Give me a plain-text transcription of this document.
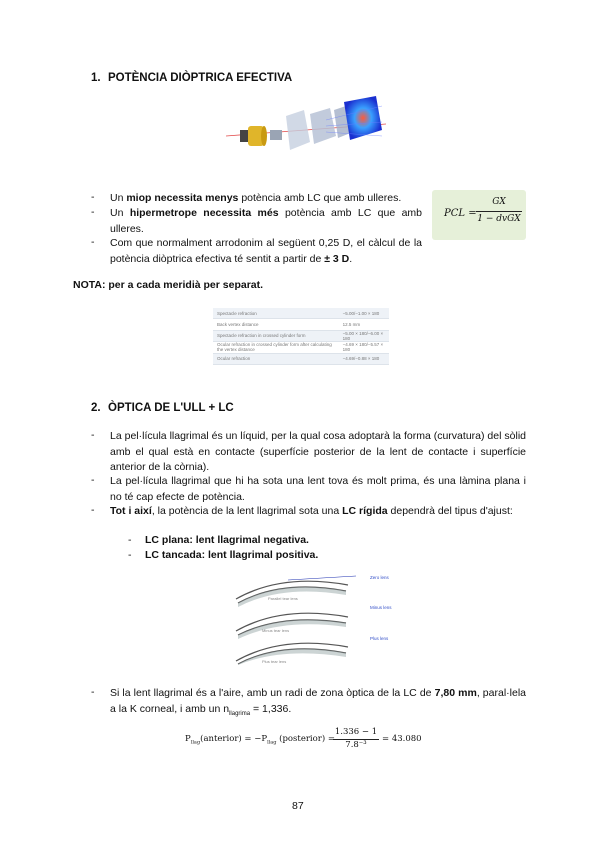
1. POTÈNCIA DIÒPTRICA EFECTIVA
- Un miop necessita menys potència amb LC que amb ulleres.
- Un hipermetrope necessita més potència amb LC que amb ulleres.
- Com que normalment arrodonim al següent 0,25 D, el càlcul de la potència diòptrica efectiva té sentit a partir de ± 3 D.
PCL =
GX
1 − dvGX
NOTA: per a cada meridià per separat.
Spectacle refraction	−5.00/−1.00 × 180
Back vertex distance	12.5 mm
Spectacle refraction in crossed cylinder form	−5.00 × 180/−6.00 × 180
Ocular refraction in crossed cylinder form after calculating the vertex distance	−4.69 × 180/−5.57 × 180
Ocular refraction	−4.69/−0.88 × 180
2. ÒPTICA DE L'ULL + LC
- La pel·lícula llagrimal és un líquid, per la qual cosa adoptarà la forma (curvatura) del sòlid amb el qual està en contacte (superfície posterior de la lent de contacte i superfície anterior de la còrnia).
- La pel·lícula llagrimal que hi ha sota una lent tova és molt prima, és una làmina plana i no té cap efecte de potència.
- Tot i així, la potència de la lent llagrimal sota una LC rígida dependrà del tipus d'ajust:
- LC plana: lent llagrimal negativa.
- LC tancada: lent llagrimal positiva.
Parallel tear lens
Minus tear lens
Plus tear lens
Zero lens
Minus lens
Plus lens
- Si la lent llagrimal és a l'aire, amb un radi de zona òptica de la LC de 7,80 mm, paral·lela a la K corneal, i amb un $n_{llagrima} = 1,336$.
$P_{llag}(anterior) = -P_{llag}$ (posterior) =
1.336 − 1
7.8⁻³
= 43.080
87
